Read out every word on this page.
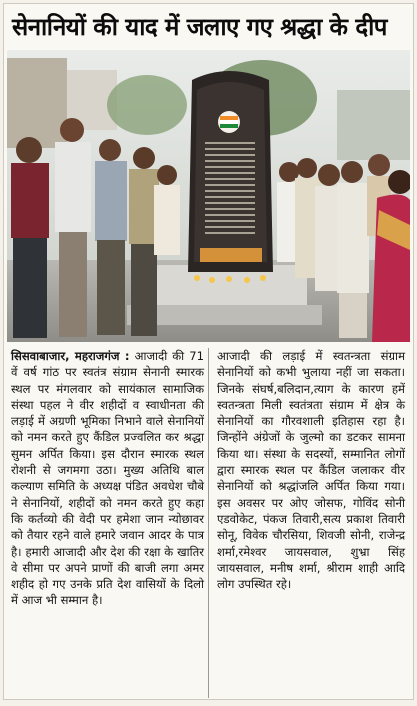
सेनानियों की याद में जलाए गए श्रद्धा के दीप
सिसवाबाजार, महराजगंज : आजादी की 71 वें वर्ष गांठ पर स्वतंत्र संग्राम सेनानी स्मारक स्थल पर मंगलवार को सायंकाल सामाजिक संस्था पहल ने वीर शहीदों व स्वाधीनता की लड़ाई में अग्रणी भूमिका निभाने वाले सेनानियों को नमन करते हुए कैंडिल प्रज्वलित कर श्रद्धा सुमन अर्पित किया। इस दौरान स्मारक स्थल रोशनी से जगमगा उठा। मुख्य अतिथि बाल कल्याण समिति के अध्यक्ष पंडित अवधेश चौबे ने सेनानियों, शहीदों को नमन करते हुए कहा कि कर्तव्यो की वेदी पर हमेशा जान न्योछावर को तैयार रहने वाले हमारे जवान आदर के पात्र है। हमारी आजादी और देश की रक्षा के खातिर वे सीमा पर अपने प्राणों की बाजी लगा अमर शहीद हो गए उनके प्रति देश वासियों के दिलो में आज भी सम्मान है।
आजादी की लड़ाई में स्वतन्त्रता संग्राम सेनानियों को कभी भुलाया नहीं जा सकता। जिनके संघर्ष,बलिदान,त्याग के कारण हमें स्वतन्त्रता मिली स्वतंत्रता संग्राम में क्षेत्र के सेनानियों का गौरवशाली इतिहास रहा है। जिन्होंने अंग्रेजों के जुल्मो का डटकर सामना किया था। संस्था के सदस्यों, सम्मानित लोगों द्वारा स्मारक स्थल पर कैंडिल जलाकर वीर सेनानियों को श्रद्धांजलि अर्पित किया गया। इस अवसर पर ओए जोसफ, गोविंद सोनी एडवोकेट, पंकज तिवारी,सत्य प्रकाश तिवारी सोनू, विवेक चौरसिया, शिवजी सोनी, राजेन्द्र शर्मा,रमेश्वर जायसवाल, शुभ्रा सिंह जायसवाल, मनीष शर्मा, श्रीराम शाही आदि लोग उपस्थित रहे।
